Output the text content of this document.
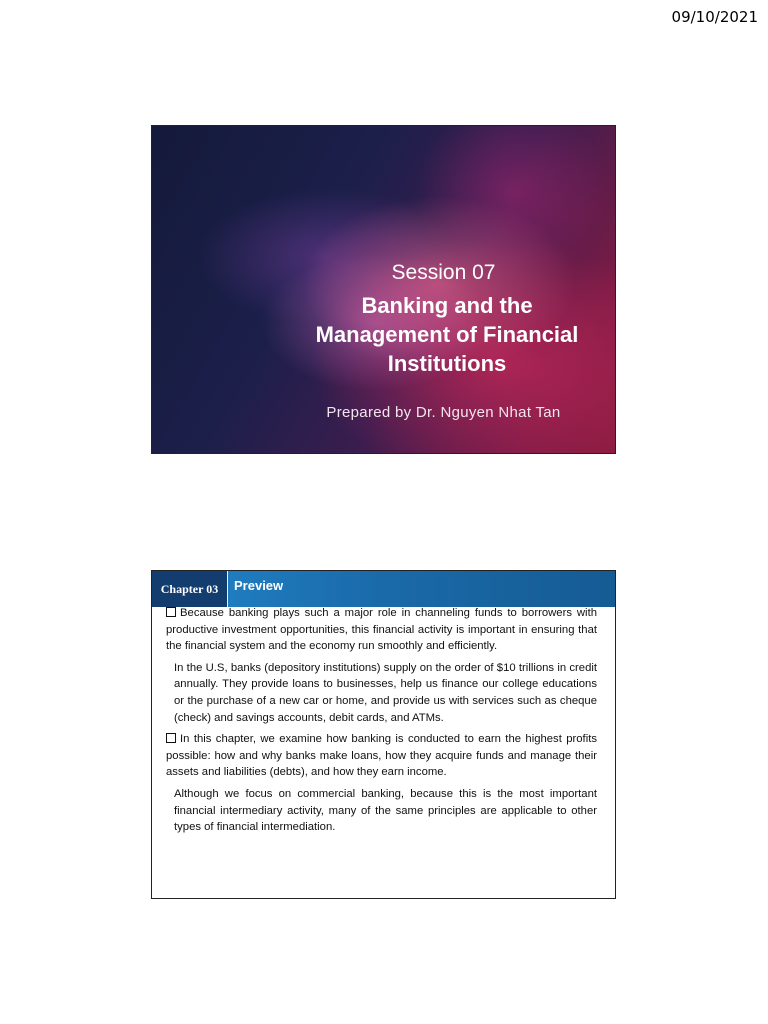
09/10/2021
Session 07
Banking and the
Management of Financial
Institutions
Prepared by Dr. Nguyen Nhat Tan
Chapter 03	Preview

Because banking plays such a major role in channeling funds to borrowers with productive investment opportunities, this financial activity is important in ensuring that the financial system and the economy run smoothly and efficiently.

In the U.S, banks (depository institutions) supply on the order of $10 trillions in credit annually. They provide loans to businesses, help us finance our college educations or the purchase of a new car or home, and provide us with services such as cheque (check) and savings accounts, debit cards, and ATMs.

In this chapter, we examine how banking is conducted to earn the highest profits possible: how and why banks make loans, how they acquire funds and manage their assets and liabilities (debts), and how they earn income.

Although we focus on commercial banking, because this is the most important financial intermediary activity, many of the same principles are applicable to other types of financial intermediation.
